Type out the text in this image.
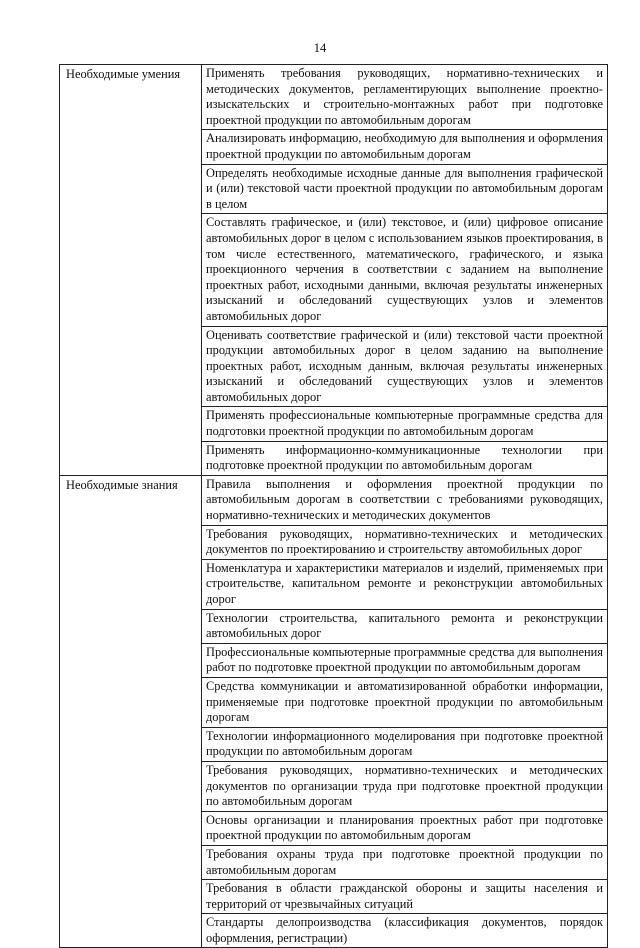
14
Необходимые умения	Применять требования руководящих, нормативно-технических и методических документов, регламентирующих выполнение проектно-изыскательских и строительно-монтажных работ при подготовке проектной продукции по автомобильным дорогам
	Анализировать информацию, необходимую для выполнения и оформления проектной продукции по автомобильным дорогам
	Определять необходимые исходные данные для выполнения графической и (или) текстовой части проектной продукции по автомобильным дорогам в целом
	Составлять графическое, и (или) текстовое, и (или) цифровое описание автомобильных дорог в целом с использованием языков проектирования, в том числе естественного, математического, графического, и языка проекционного черчения в соответствии с заданием на выполнение проектных работ, исходными данными, включая результаты инженерных изысканий и обследований существующих узлов и элементов автомобильных дорог
	Оценивать соответствие графической и (или) текстовой части проектной продукции автомобильных дорог в целом заданию на выполнение проектных работ, исходным данным, включая результаты инженерных изысканий и обследований существующих узлов и элементов автомобильных дорог
	Применять профессиональные компьютерные программные средства для подготовки проектной продукции по автомобильным дорогам
	Применять информационно-коммуникационные технологии при подготовке проектной продукции по автомобильным дорогам
Необходимые знания	Правила выполнения и оформления проектной продукции по автомобильным дорогам в соответствии с требованиями руководящих, нормативно-технических и методических документов
	Требования руководящих, нормативно-технических и методических документов по проектированию и строительству автомобильных дорог
	Номенклатура и характеристики материалов и изделий, применяемых при строительстве, капитальном ремонте и реконструкции автомобильных дорог
	Технологии строительства, капитального ремонта и реконструкции автомобильных дорог
	Профессиональные компьютерные программные средства для выполнения работ по подготовке проектной продукции по автомобильным дорогам
	Средства коммуникации и автоматизированной обработки информации, применяемые при подготовке проектной продукции по автомобильным дорогам
	Технологии информационного моделирования при подготовке проектной продукции по автомобильным дорогам
	Требования руководящих, нормативно-технических и методических документов по организации труда при подготовке проектной продукции по автомобильным дорогам
	Основы организации и планирования проектных работ при подготовке проектной продукции по автомобильным дорогам
	Требования охраны труда при подготовке проектной продукции по автомобильным дорогам
	Требования в области гражданской обороны и защиты населения и территорий от чрезвычайных ситуаций
	Стандарты делопроизводства (классификация документов, порядок оформления, регистрации)
